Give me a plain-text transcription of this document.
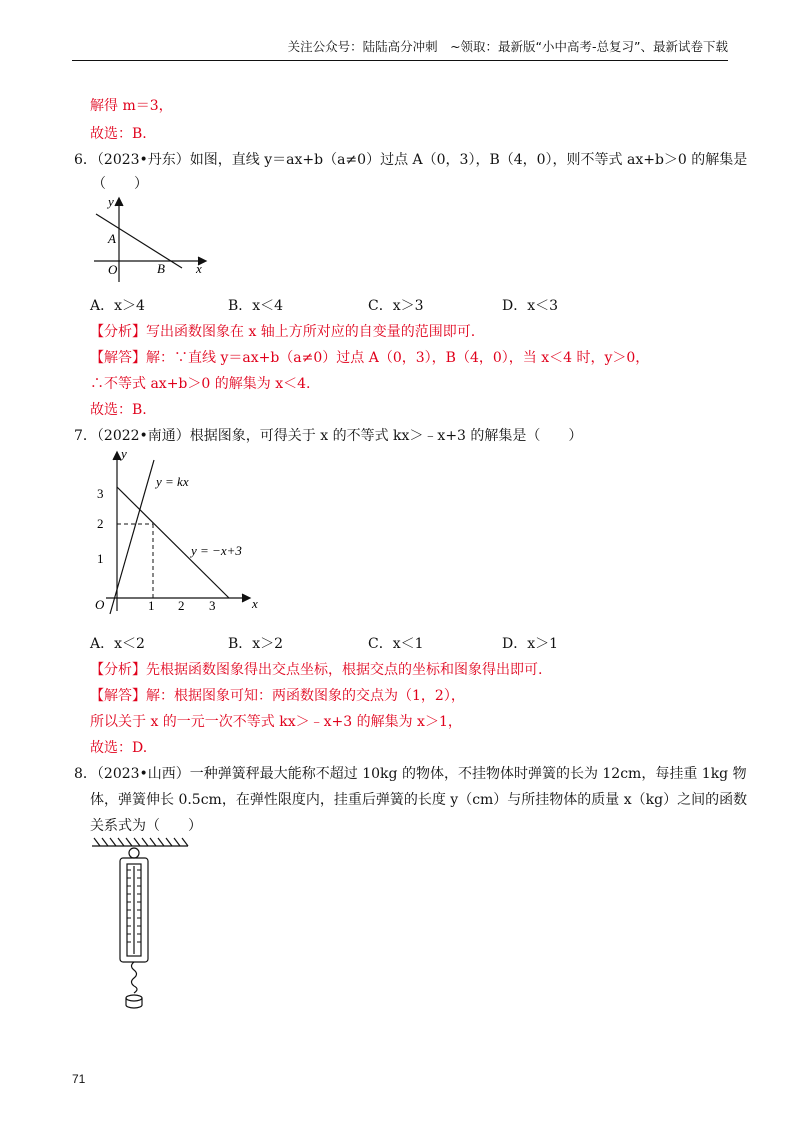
关注公众号：陆陆高分冲刺　~领取：最新版“小中高考-总复习”、最新试卷下载
解得 m＝3，
故选：B.
6．（2023•丹东）如图，直线 y＝ax+b（a≠0）过点 A（0，3），B（4，0），则不等式 ax+b＞0 的解集是
（　　）
y
A
O	B x
A．x＞4	B．x＜4	C．x＞3	D．x＜3
【分析】写出函数图象在 x 轴上方所对应的自变量的范围即可.
【解答】解：∵直线 y＝ax+b（a≠0）过点 A（0，3），B（4，0），当 x＜4 时，y＞0，
∴不等式 ax+b＞0 的解集为 x＜4.
故选：B.
7．（2022•南通）根据图象，可得关于 x 的不等式 kx＞﹣x+3 的解集是（　　）
y
3
2
1
O	1 2 3	x
y = kx
y = −x+3
A．x＜2	B．x＞2	C．x＜1	D．x＞1
【分析】先根据函数图象得出交点坐标，根据交点的坐标和图象得出即可.
【解答】解：根据图象可知：两函数图象的交点为（1，2），
所以关于 x 的一元一次不等式 kx＞﹣x+3 的解集为 x＞1，
故选：D.
8．（2023•山西）一种弹簧秤最大能称不超过 10kg 的物体，不挂物体时弹簧的长为 12cm，每挂重 1kg 物
体，弹簧伸长 0.5cm，在弹性限度内，挂重后弹簧的长度 y（cm）与所挂物体的质量 x（kg）之间的函数
关系式为（　　）
71
